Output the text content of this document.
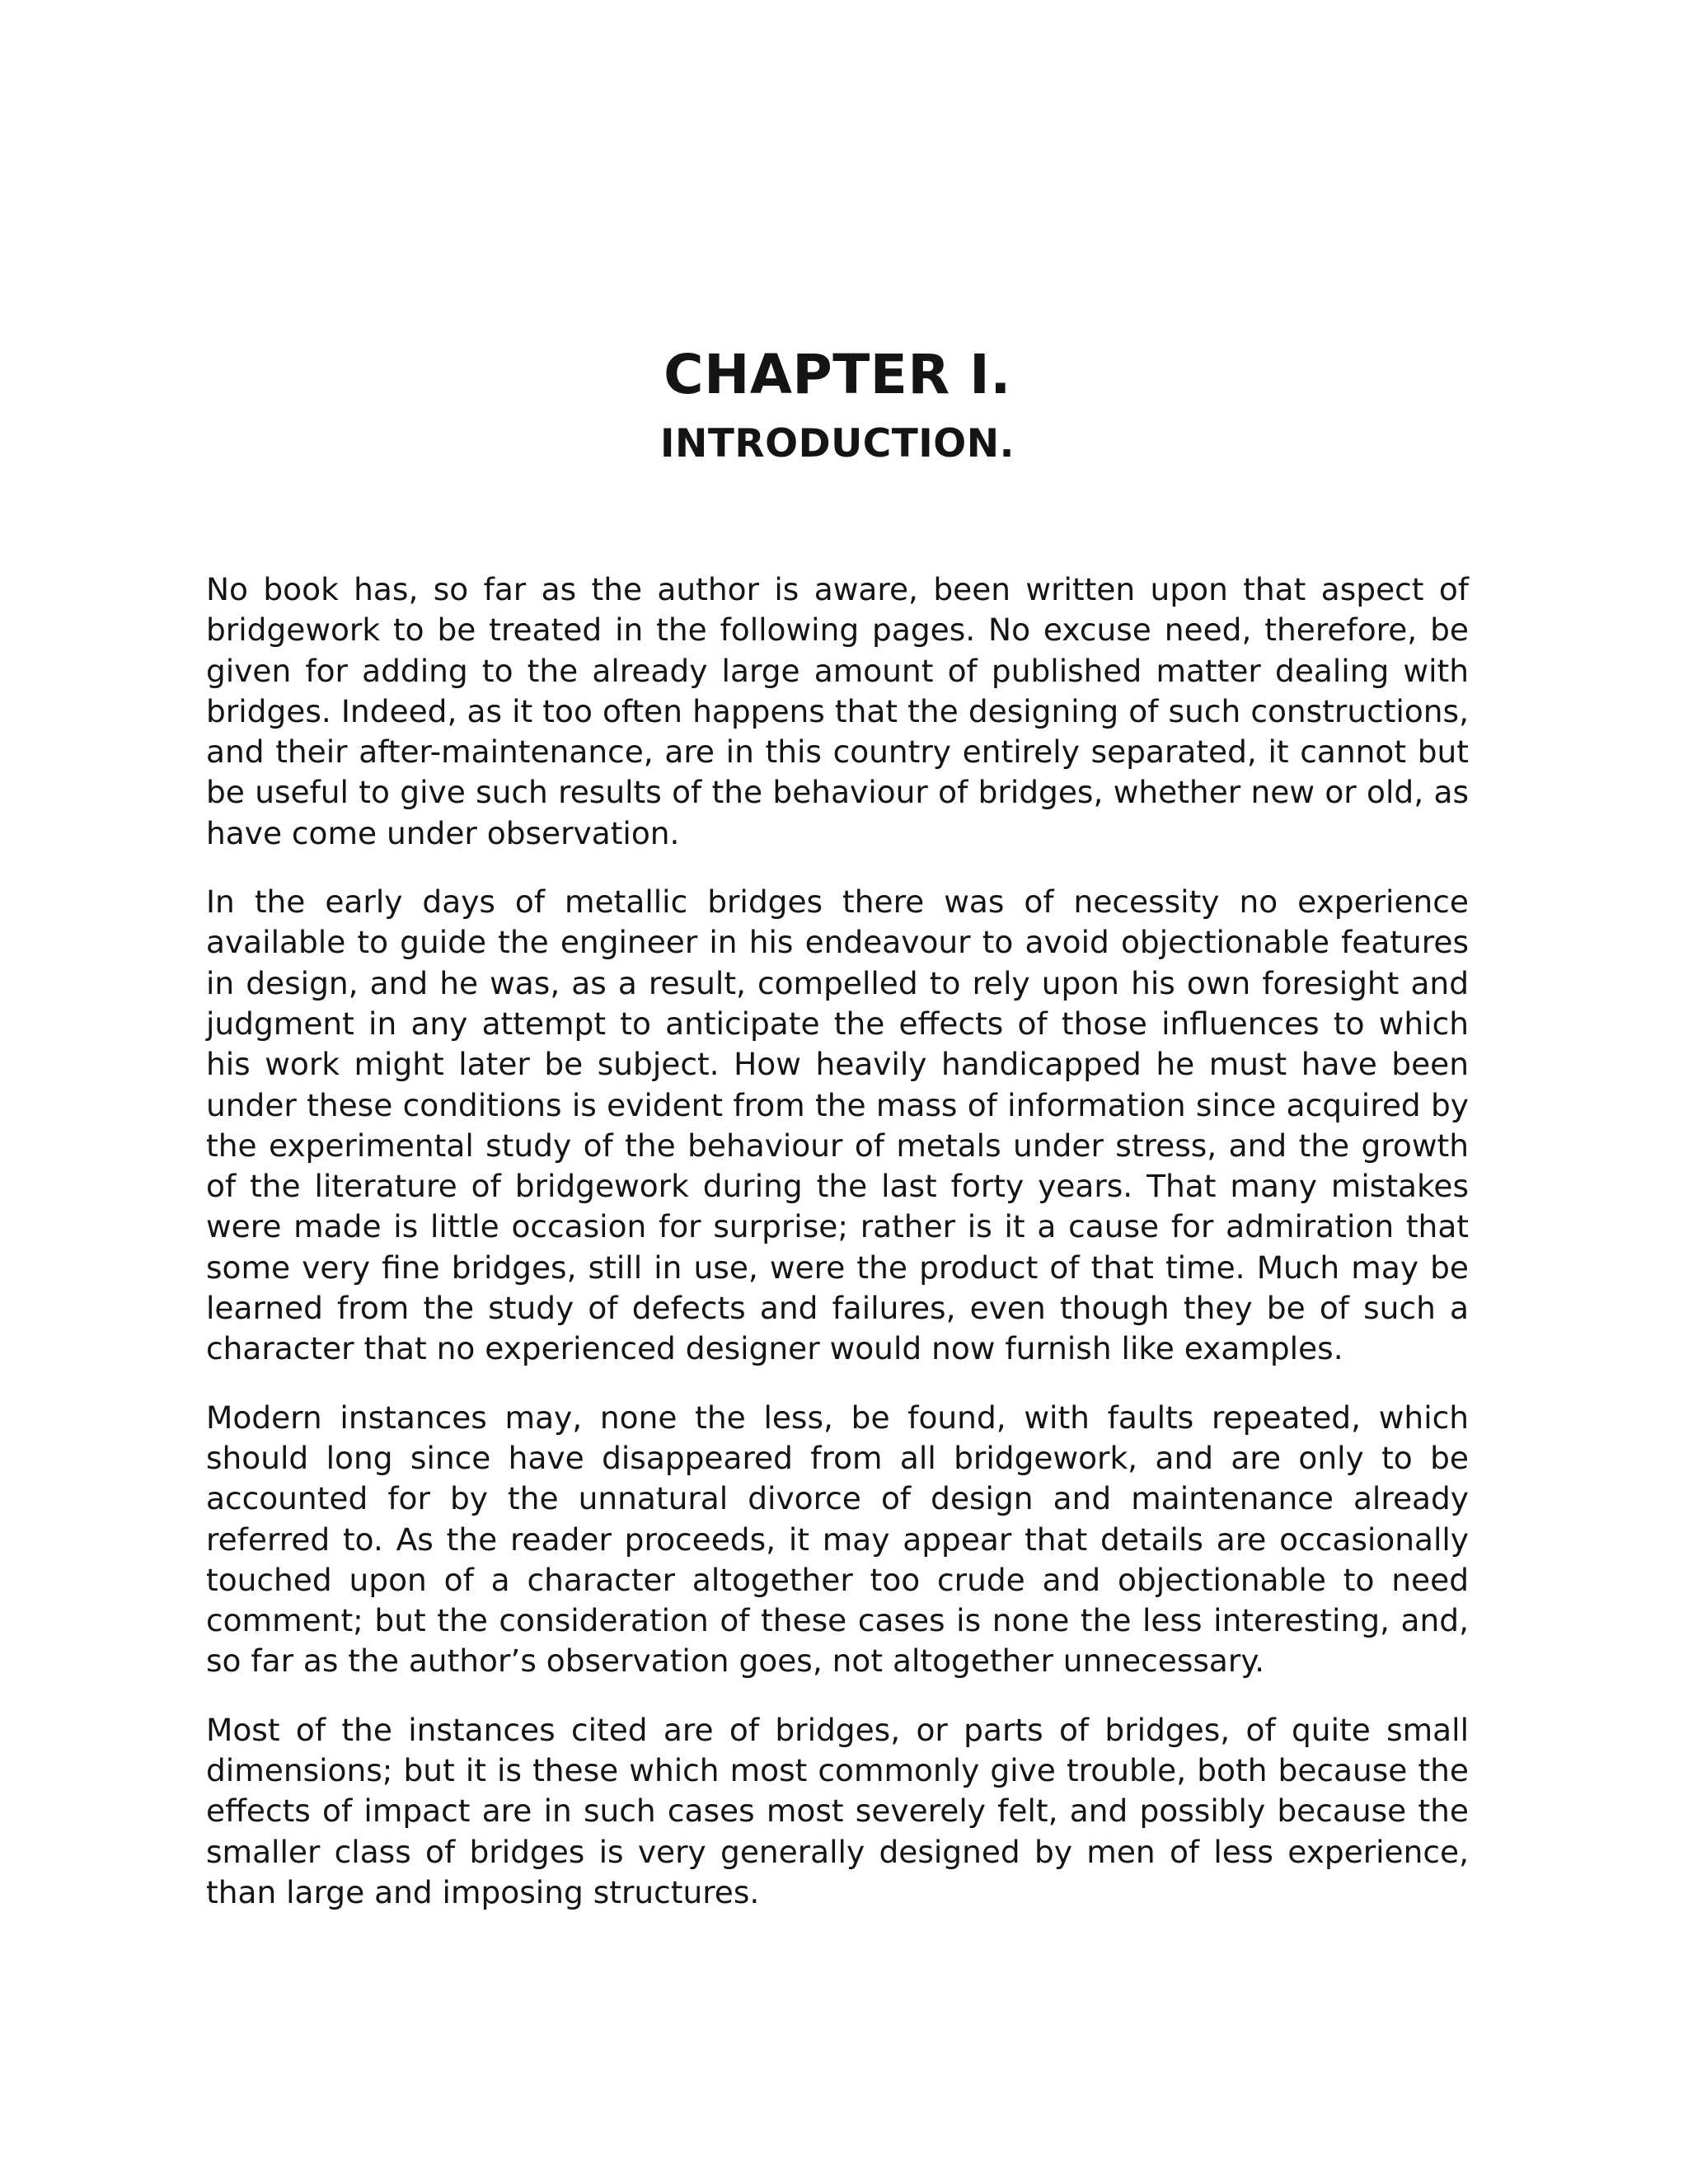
CHAPTER I.
INTRODUCTION.

No book has, so far as the author is aware, been written upon that aspect of bridgework to be treated in the following pages. No excuse need, therefore, be given for adding to the already large amount of published matter dealing with bridges. Indeed, as it too often happens that the designing of such constructions, and their after-maintenance, are in this country entirely separated, it cannot but be useful to give such results of the behaviour of bridges, whether new or old, as have come under observation.

In the early days of metallic bridges there was of necessity no experience available to guide the engineer in his endeavour to avoid objectionable features in design, and he was, as a result, compelled to rely upon his own foresight and judgment in any attempt to anticipate the effects of those influences to which his work might later be subject. How heavily handicapped he must have been under these conditions is evident from the mass of information since acquired by the experimental study of the behaviour of metals under stress, and the growth of the literature of bridgework during the last forty years. That many mistakes were made is little occasion for surprise; rather is it a cause for admiration that some very fine bridges, still in use, were the product of that time. Much may be learned from the study of defects and failures, even though they be of such a character that no experienced designer would now furnish like examples.

Modern instances may, none the less, be found, with faults repeated, which should long since have disappeared from all bridgework, and are only to be accounted for by the unnatural divorce of design and maintenance already referred to. As the reader proceeds, it may appear that details are occasionally touched upon of a character altogether too crude and objectionable to need comment; but the consideration of these cases is none the less interesting, and, so far as the author’s observation goes, not altogether unnecessary.

Most of the instances cited are of bridges, or parts of bridges, of quite small dimensions; but it is these which most commonly give trouble, both because the effects of impact are in such cases most severely felt, and possibly because the smaller class of bridges is very generally designed by men of less experience, than large and imposing structures.
